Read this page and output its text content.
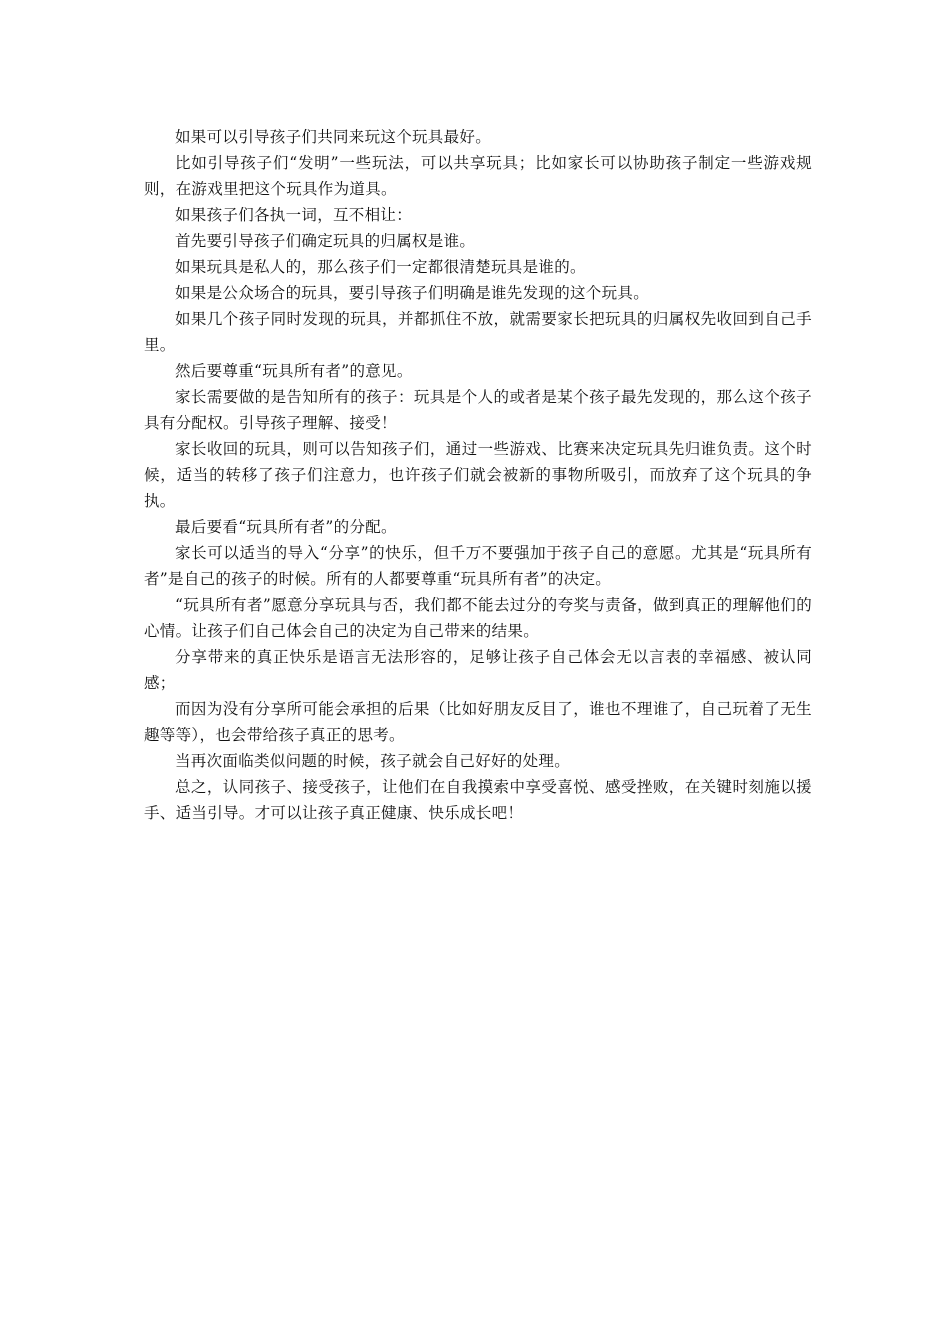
如果可以引导孩子们共同来玩这个玩具最好。

比如引导孩子们“发明”一些玩法，可以共享玩具；比如家长可以协助孩子制定一些游戏规则，在游戏里把这个玩具作为道具。

如果孩子们各执一词，互不相让：

首先要引导孩子们确定玩具的归属权是谁。

如果玩具是私人的，那么孩子们一定都很清楚玩具是谁的。

如果是公众场合的玩具，要引导孩子们明确是谁先发现的这个玩具。

如果几个孩子同时发现的玩具，并都抓住不放，就需要家长把玩具的归属权先收回到自己手里。

然后要尊重“玩具所有者”的意见。

家长需要做的是告知所有的孩子：玩具是个人的或者是某个孩子最先发现的，那么这个孩子具有分配权。引导孩子理解、接受！

家长收回的玩具，则可以告知孩子们，通过一些游戏、比赛来决定玩具先归谁负责。这个时候，适当的转移了孩子们注意力，也许孩子们就会被新的事物所吸引，而放弃了这个玩具的争执。

最后要看“玩具所有者”的分配。

家长可以适当的导入“分享”的快乐，但千万不要强加于孩子自己的意愿。尤其是“玩具所有者”是自己的孩子的时候。所有的人都要尊重“玩具所有者”的决定。

“玩具所有者”愿意分享玩具与否，我们都不能去过分的夸奖与责备，做到真正的理解他们的心情。让孩子们自己体会自己的决定为自己带来的结果。

分享带来的真正快乐是语言无法形容的，足够让孩子自己体会无以言表的幸福感、被认同感；

而因为没有分享所可能会承担的后果（比如好朋友反目了，谁也不理谁了，自己玩着了无生趣等等），也会带给孩子真正的思考。

当再次面临类似问题的时候，孩子就会自己好好的处理。

总之，认同孩子、接受孩子，让他们在自我摸索中享受喜悦、感受挫败，在关键时刻施以援手、适当引导。才可以让孩子真正健康、快乐成长吧！
